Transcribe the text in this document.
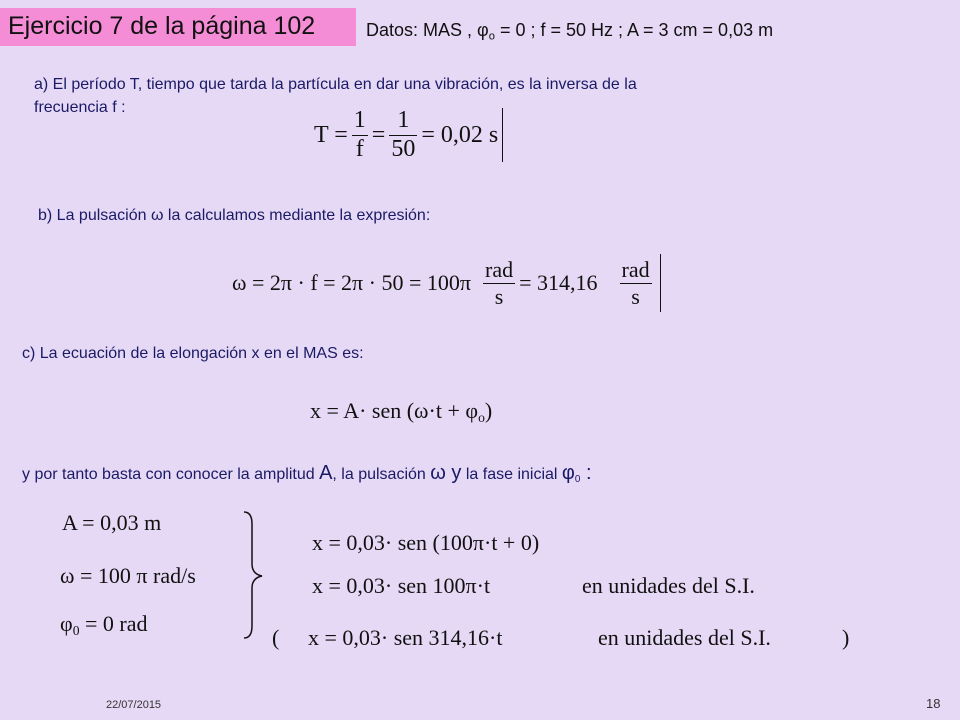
Ejercicio 7 de la página 102	Datos: MAS , $\varphi_o = 0$ ; f = 50 Hz ; A = 3 cm = 0,03 m
a) El período T, tiempo que tarda la partícula en dar una vibración, es la inversa de la
frecuencia f :
$T = \frac{1}{f} = \frac{1}{50} = 0,02$ s
b) La pulsación ω la calculamos mediante la expresión:
$\omega = 2\pi \cdot f = 2\pi \cdot 50 = 100\pi \frac{\text{rad}}{s} = 314,16 \frac{\text{rad}}{s}$
c) La ecuación de la elongación x en el MAS es:
x = A· sen $(\omega\cdot t + \varphi_o)$
y por tanto basta con conocer la amplitud A, la pulsación ω y la fase inicial $\varphi_0$ :
A = 0,03 m
ω = 100 π rad/s
$\varphi_0 = 0$ rad
x = 0,03· sen (100π·t + 0)
x = 0,03· sen 100π·t	en unidades del S.I.
( x = 0,03· sen 314,16·t	en unidades del S.I.	)
22/07/2015	18
